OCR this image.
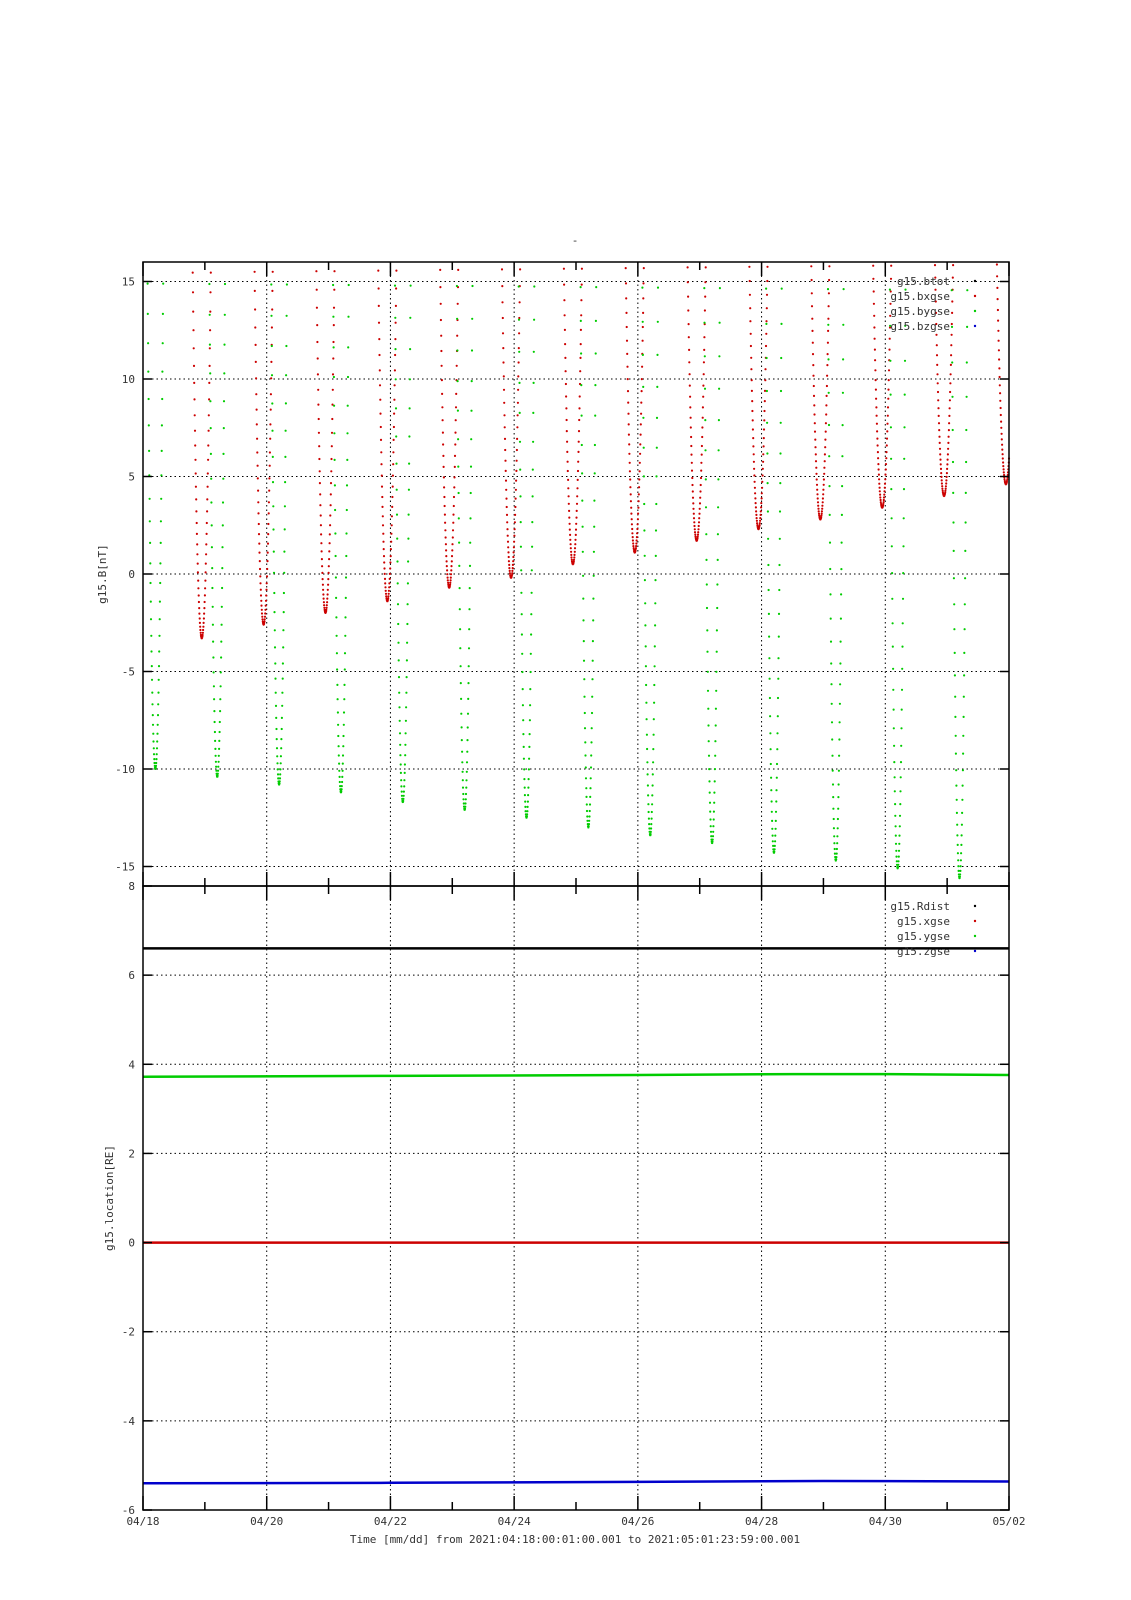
-
-15
-10
-5
0
5
10
15
g15.B[nT]
g15.btot
g15.bxgse
g15.bygse
g15.bzgse
-6
-4
-2
0
2
4
6
8
g15.location[RE]
g15.Rdist
g15.xgse
g15.ygse
g15.zgse
04/18	04/20	04/22	04/24	04/26	04/28	04/30	05/02
Time [mm/dd] from 2021:04:18:00:01:00.001 to 2021:05:01:23:59:00.001
